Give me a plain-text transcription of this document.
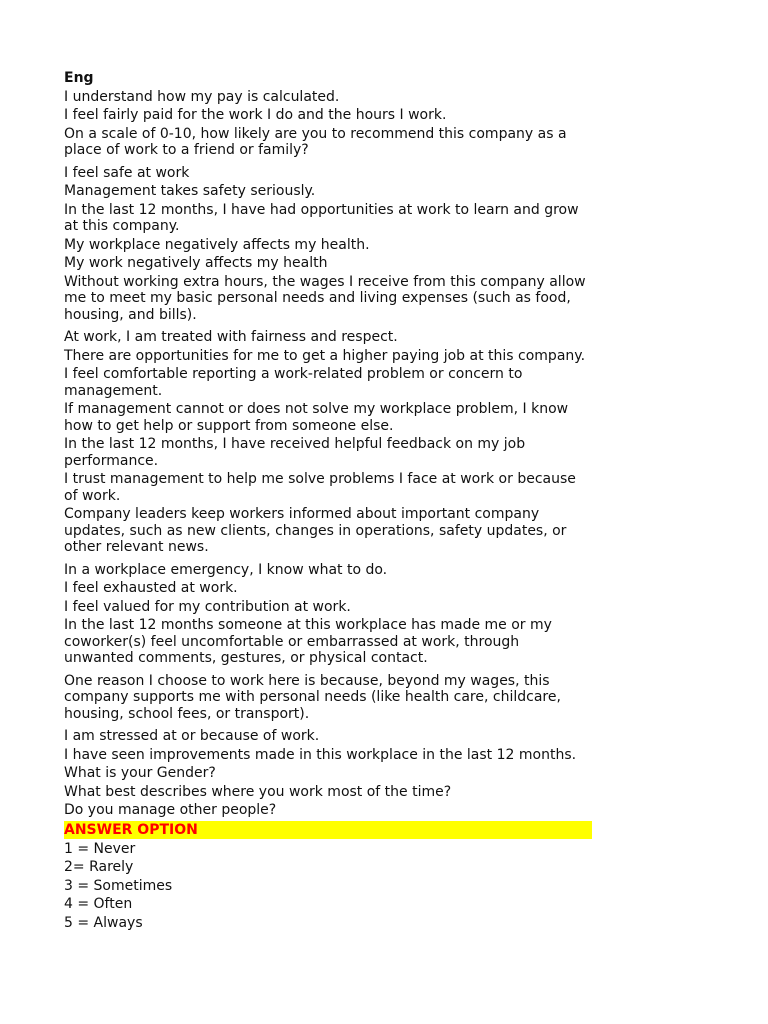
Eng
I understand how my pay is calculated.
I feel fairly paid for the work I do and the hours I work.
On a scale of 0-10, how likely are you to recommend this company as a place of work to a friend or family?
I feel safe at work
Management takes safety seriously.
In the last 12 months, I have had opportunities at work to learn and grow at this company.
My workplace negatively affects my health.
My work negatively affects my health
Without working extra hours, the wages I receive from this company allow me to meet my basic personal needs and living expenses (such as food, housing, and bills).
At work, I am treated with fairness and respect.
There are opportunities for me to get a higher paying job at this company.
I feel comfortable reporting a work-related problem or concern to management.
If management cannot or does not solve my workplace problem, I know how to get help or support from someone else.
In the last 12 months, I have received helpful feedback on my job performance.
I trust management to help me solve problems I face at work or because of work.
Company leaders keep workers informed about important company updates, such as new clients, changes in operations, safety updates, or other relevant news.
In a workplace emergency, I know what to do.
I feel exhausted at work.
I feel valued for my contribution at work.
In the last 12 months someone at this workplace has made me or my coworker(s) feel uncomfortable or embarrassed at work, through unwanted comments, gestures, or physical contact.
One reason I choose to work here is because, beyond my wages, this company supports me with personal needs (like health care, childcare, housing, school fees, or transport).
I am stressed at or because of work.
I have seen improvements made in this workplace in the last 12 months.
What is your Gender?
What best describes where you work most of the time?
Do you manage other people?
ANSWER OPTION
1 = Never
2= Rarely
3 = Sometimes
4 = Often
5 = Always
